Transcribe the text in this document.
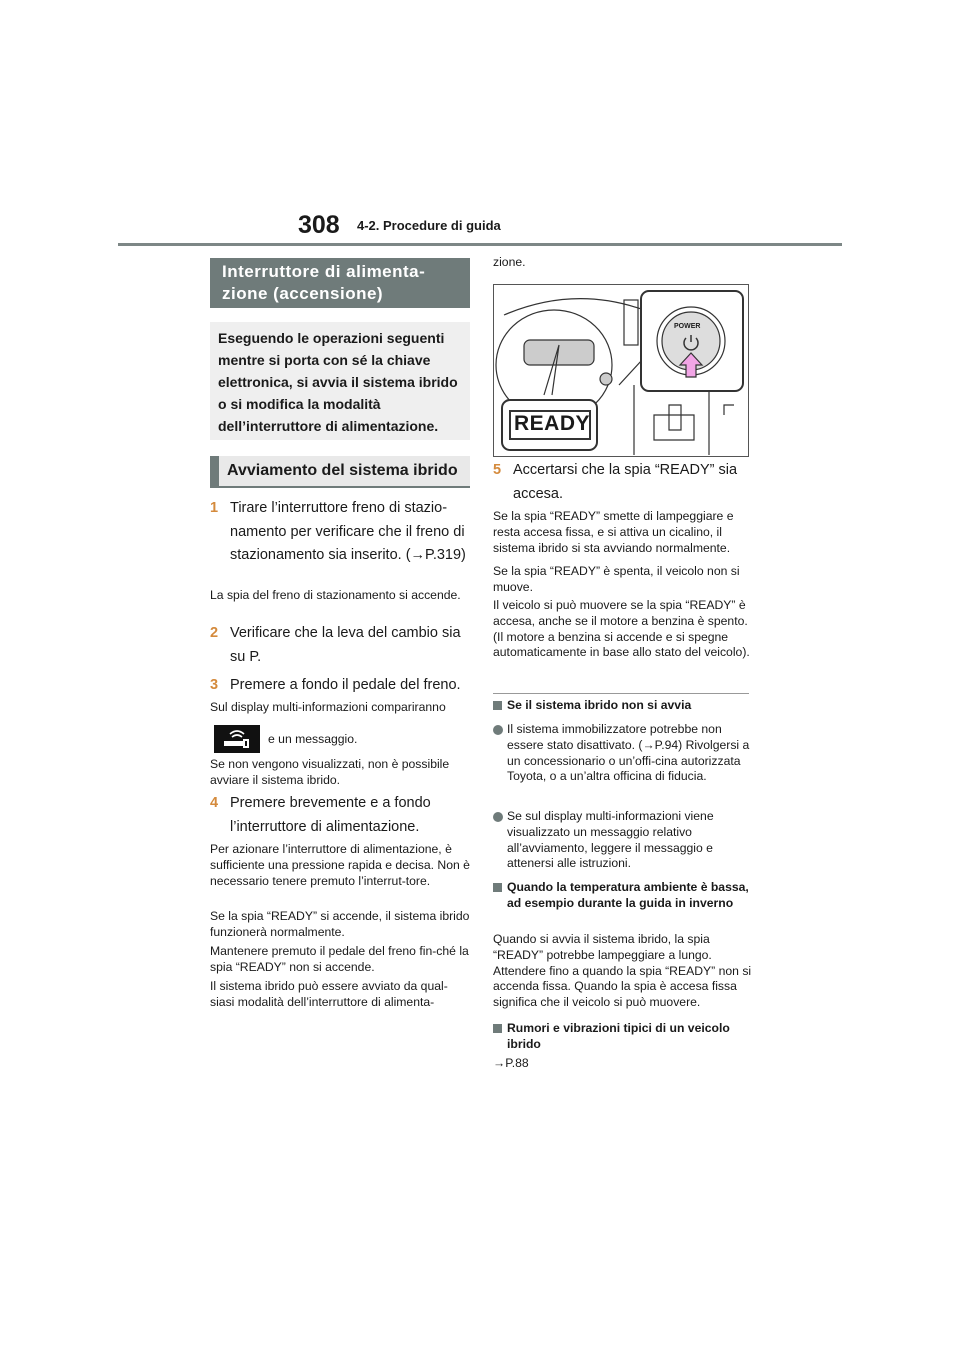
308 4-2. Procedure di guida
Interruttore di alimenta-
zione (accensione)
Eseguendo le operazioni seguenti mentre si porta con sé la chiave elettronica, si avvia il sistema ibrido o si modifica la modalità dell’interruttore di alimentazione.
Avviamento del sistema ibrido
1 Tirare l’interruttore freno di stazio-namento per verificare che il freno di stazionamento sia inserito. (→P.319)
La spia del freno di stazionamento si accende.
2 Verificare che la leva del cambio sia su P.
3 Premere a fondo il pedale del freno.
Sul display multi-informazioni compariranno
e un messaggio.
Se non vengono visualizzati, non è possibile avviare il sistema ibrido.
4 Premere brevemente e a fondo l’interruttore di alimentazione.
Per azionare l’interruttore di alimentazione, è sufficiente una pressione rapida e decisa. Non è necessario tenere premuto l’interrut-tore.
Se la spia “READY” si accende, il sistema ibrido funzionerà normalmente.
Mantenere premuto il pedale del freno fin-ché la spia “READY” non si accende.
Il sistema ibrido può essere avviato da qual-siasi modalità dell’interruttore di alimenta-
zione.
POWER
READY
5 Accertarsi che la spia “READY” sia accesa.
Se la spia “READY” smette di lampeggiare e resta accesa fissa, e si attiva un cicalino, il sistema ibrido si sta avviando normalmente.
Se la spia “READY” è spenta, il veicolo non si muove.
Il veicolo si può muovere se la spia “READY” è accesa, anche se il motore a benzina è spento. (Il motore a benzina si accende e si spegne automaticamente in base allo stato del veicolo).
Se il sistema ibrido non si avvia
Il sistema immobilizzatore potrebbe non essere stato disattivato. (→P.94) Rivolgersi a un concessionario o un’offi-cina autorizzata Toyota, o a un’altra officina di fiducia.
Se sul display multi-informazioni viene visualizzato un messaggio relativo all’avviamento, leggere il messaggio e attenersi alle istruzioni.
Quando la temperatura ambiente è bassa, ad esempio durante la guida in inverno
Quando si avvia il sistema ibrido, la spia “READY” potrebbe lampeggiare a lungo. Attendere fino a quando la spia “READY” non si accenda fissa. Quando la spia è accesa fissa significa che il veicolo si può muovere.
Rumori e vibrazioni tipici di un veicolo ibrido
→P.88
